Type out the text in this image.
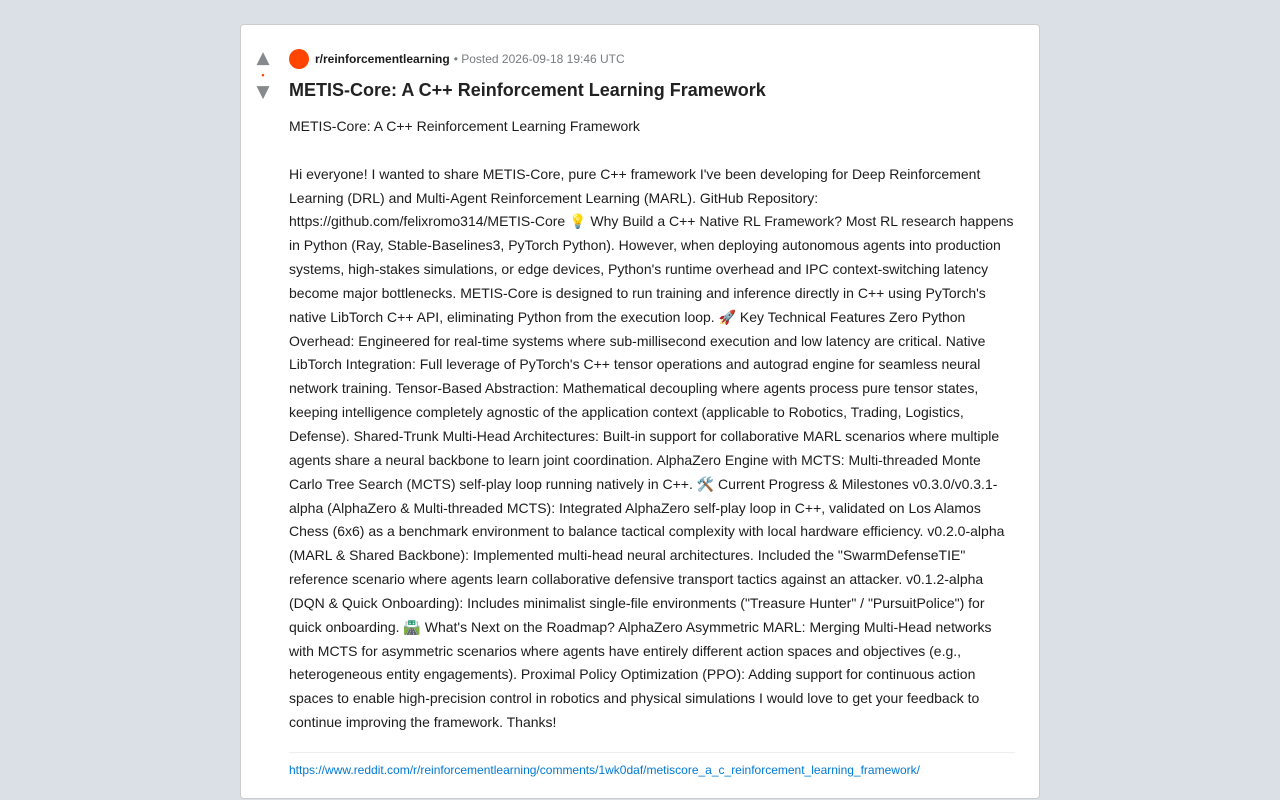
▲
•
▼
r/reinforcementlearning • Posted 2026-09-18 19:46 UTC
METIS-Core: A C++ Reinforcement Learning Framework

METIS-Core: A C++ Reinforcement Learning Framework

Hi everyone! I wanted to share METIS-Core, pure C++ framework I've been developing for Deep Reinforcement Learning (DRL) and Multi-Agent Reinforcement Learning (MARL). GitHub Repository: https://github.com/felixromo314/METIS-Core 💡 Why Build a C++ Native RL Framework? Most RL research happens in Python (Ray, Stable-Baselines3, PyTorch Python). However, when deploying autonomous agents into production systems, high-stakes simulations, or edge devices, Python's runtime overhead and IPC context-switching latency become major bottlenecks. METIS-Core is designed to run training and inference directly in C++ using PyTorch's native LibTorch C++ API, eliminating Python from the execution loop. 🚀 Key Technical Features Zero Python Overhead: Engineered for real-time systems where sub-millisecond execution and low latency are critical. Native LibTorch Integration: Full leverage of PyTorch's C++ tensor operations and autograd engine for seamless neural network training. Tensor-Based Abstraction: Mathematical decoupling where agents process pure tensor states, keeping intelligence completely agnostic of the application context (applicable to Robotics, Trading, Logistics, Defense). Shared-Trunk Multi-Head Architectures: Built-in support for collaborative MARL scenarios where multiple agents share a neural backbone to learn joint coordination. AlphaZero Engine with MCTS: Multi-threaded Monte Carlo Tree Search (MCTS) self-play loop running natively in C++. 🛠️ Current Progress & Milestones v0.3.0/v0.3.1-alpha (AlphaZero & Multi-threaded MCTS): Integrated AlphaZero self-play loop in C++, validated on Los Alamos Chess (6x6) as a benchmark environment to balance tactical complexity with local hardware efficiency. v0.2.0-alpha (MARL & Shared Backbone): Implemented multi-head neural architectures. Included the "SwarmDefenseTIE" reference scenario where agents learn collaborative defensive transport tactics against an attacker. v0.1.2-alpha (DQN & Quick Onboarding): Includes minimalist single-file environments ("Treasure Hunter" / "PursuitPolice") for quick onboarding. 🛣️ What's Next on the Roadmap? AlphaZero Asymmetric MARL: Merging Multi-Head networks with MCTS for asymmetric scenarios where agents have entirely different action spaces and objectives (e.g., heterogeneous entity engagements). Proximal Policy Optimization (PPO): Adding support for continuous action spaces to enable high-precision control in robotics and physical simulations I would love to get your feedback to continue improving the framework. Thanks!

https://www.reddit.com/r/reinforcementlearning/comments/1wk0daf/metiscore_a_c_reinforcement_learning_framework/
